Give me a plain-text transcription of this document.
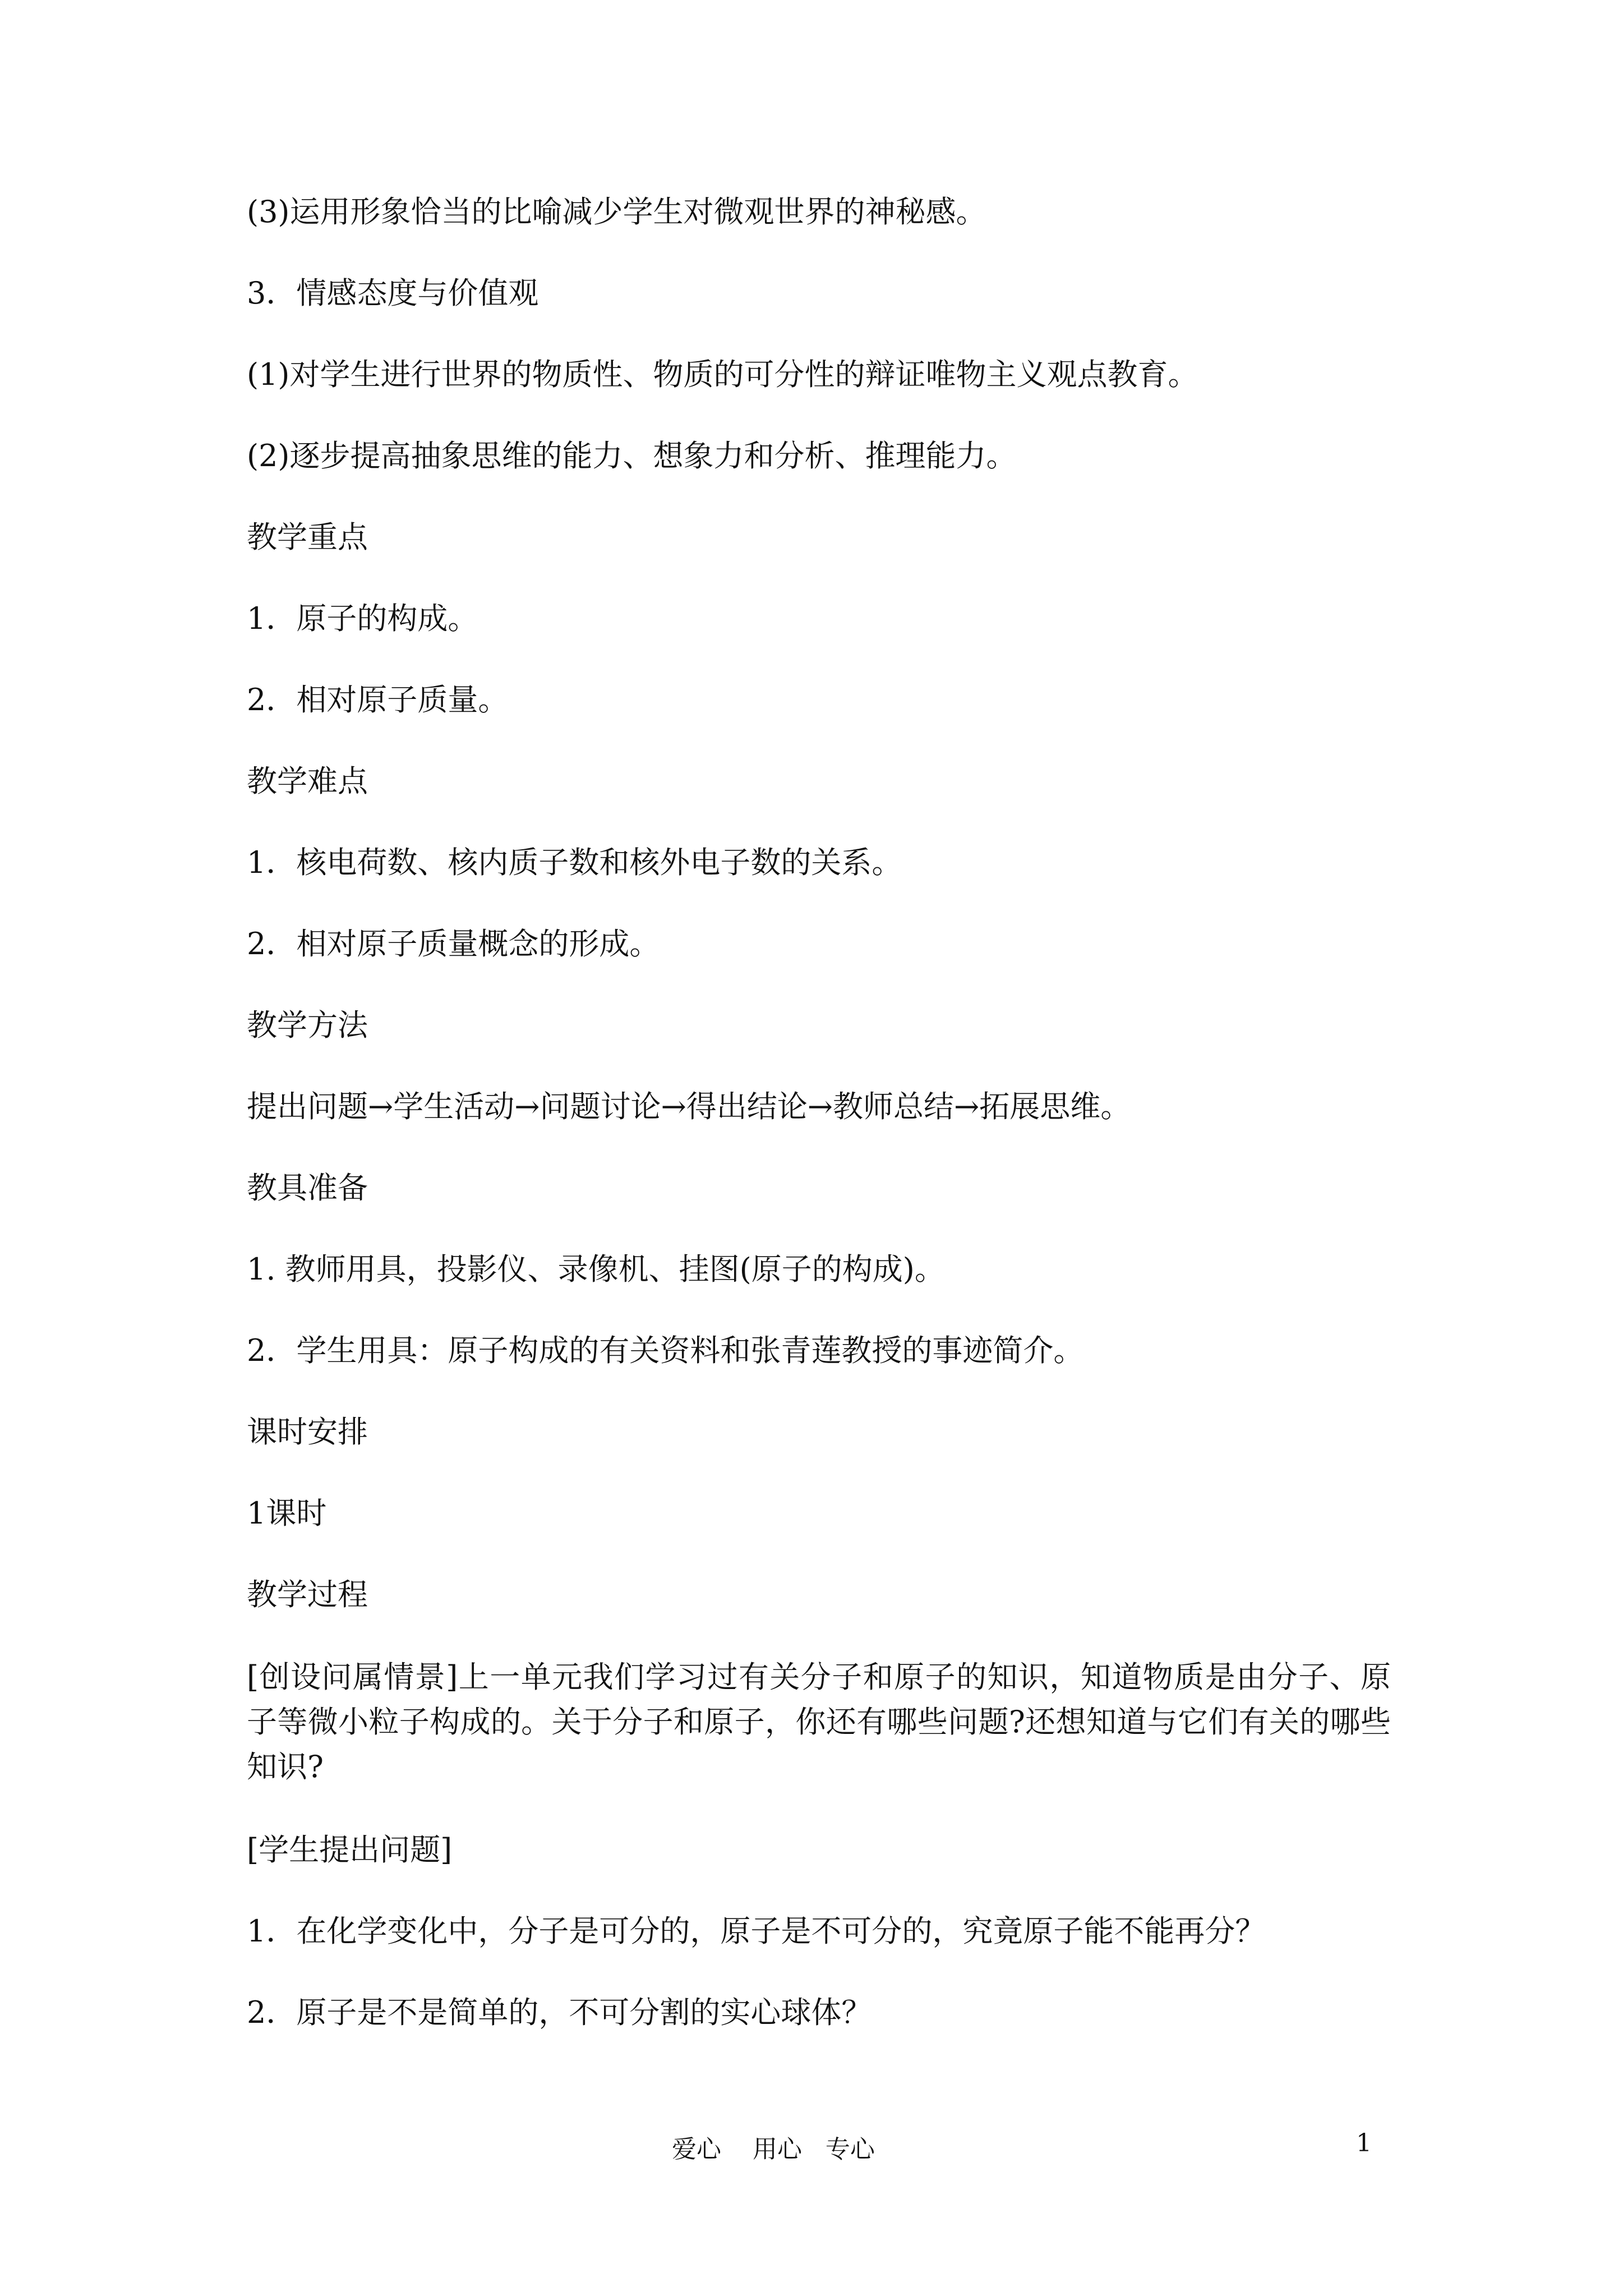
(3)运用形象恰当的比喻减少学生对微观世界的神秘感。

3．情感态度与价值观

(1)对学生进行世界的物质性、物质的可分性的辩证唯物主义观点教育。

(2)逐步提高抽象思维的能力、想象力和分析、推理能力。

教学重点

1．原子的构成。

2．相对原子质量。

教学难点

1．核电荷数、核内质子数和核外电子数的关系。

2．相对原子质量概念的形成。

教学方法

提出问题→学生活动→问题讨论→得出结论→教师总结→拓展思维。

教具准备

1. 教师用具，投影仪、录像机、挂图(原子的构成)。

2．学生用具：原子构成的有关资料和张青莲教授的事迹简介。

课时安排

1课时

教学过程

[创设问属情景]上一单元我们学习过有关分子和原子的知识，知道物质是由分子、原子等微小粒子构成的。关于分子和原子，你还有哪些问题?还想知道与它们有关的哪些知识?

[学生提出问题]

1．在化学变化中，分子是可分的，原子是不可分的，究竟原子能不能再分？

2．原子是不是简单的，不可分割的实心球体？

爱心    用心   专心	1
